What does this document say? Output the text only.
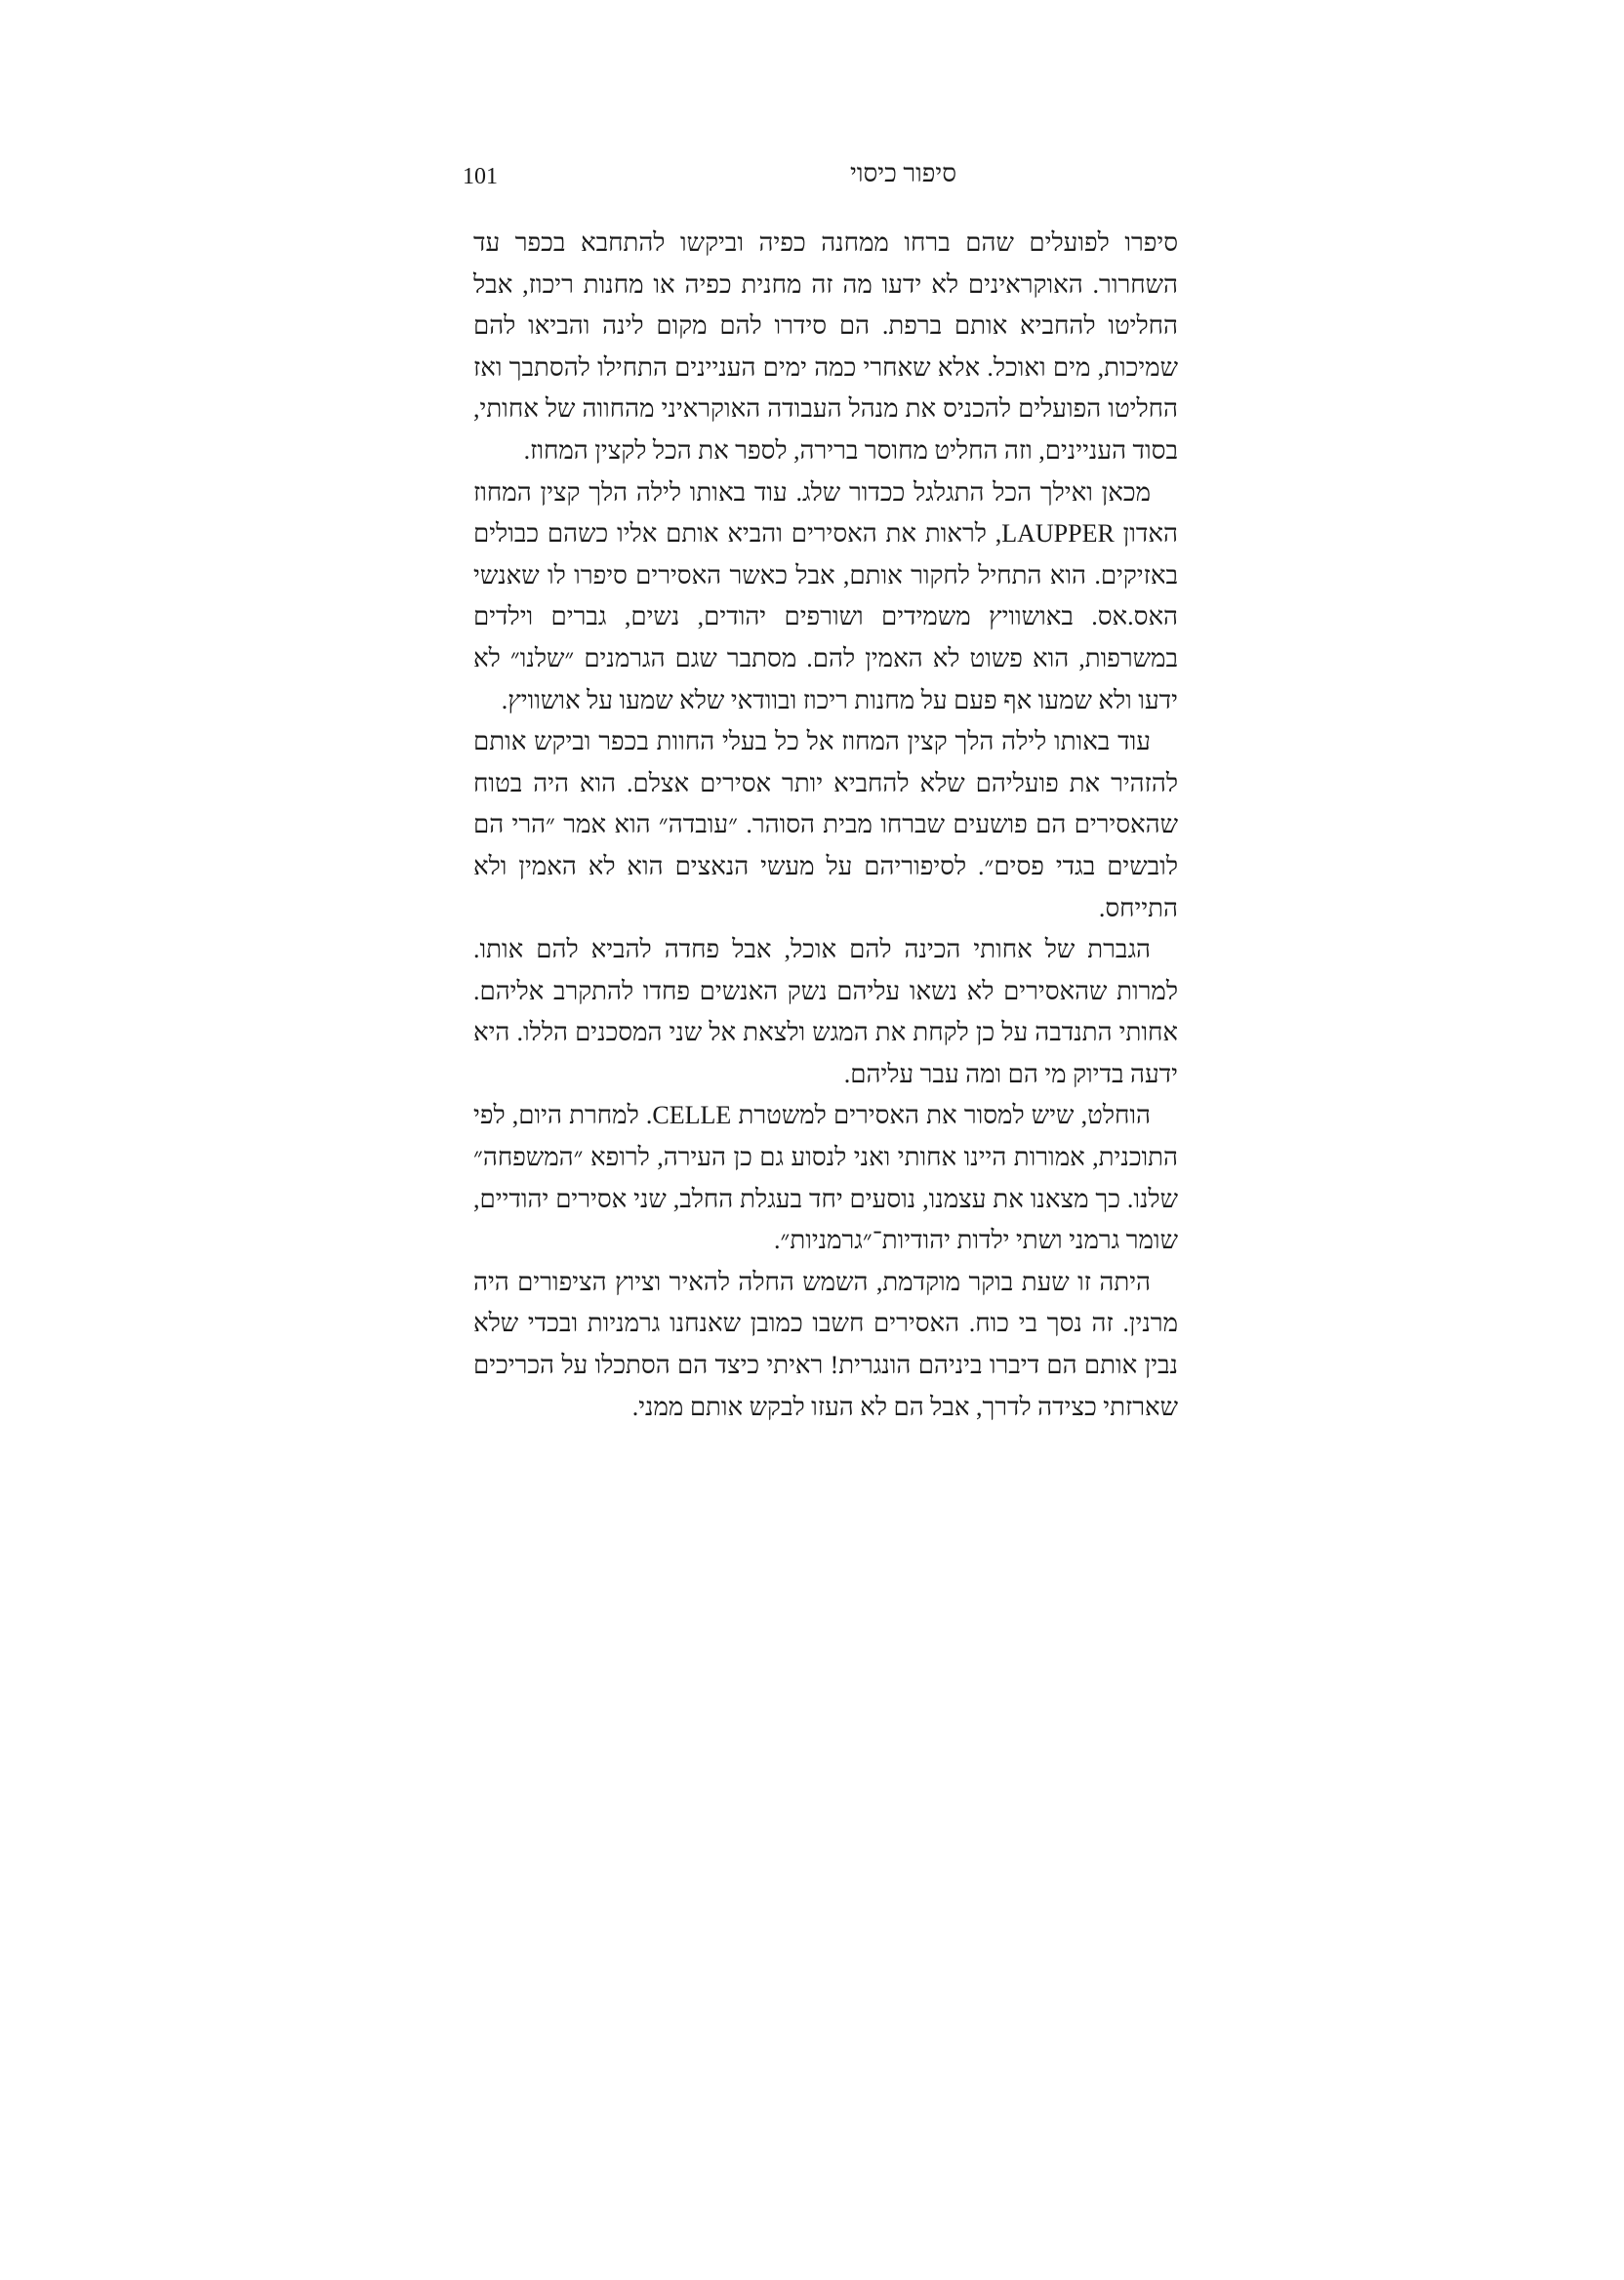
101	סיפור כיסוי

סיפרו לפועלים שהם ברחו ממחנה כפיה וביקשו להתחבא בכפר עד השחרור. האוקראינים לא ידעו מה זה מחנית כפיה או מחנות ריכוז, אבל החליטו להחביא אותם ברפת. הם סידרו להם מקום לינה והביאו להם שמיכות, מים ואוכל. אלא שאחרי כמה ימים העניינים התחילו להסתבך ואז החליטו הפועלים להכניס את מנהל העבודה האוקראיני מהחווה של אחותי, בסוד העניינים, וזה החליט מחוסר ברירה, לספר את הכל לקצין המחוז.

מכאן ואילך הכל התגלגל ככדור שלג. עוד באותו לילה הלך קצין המחוז האדון LAUPPER, לראות את האסירים והביא אותם אליו כשהם כבולים באזיקים. הוא התחיל לחקור אותם, אבל כאשר האסירים סיפרו לו שאנשי האס.אס. באושוויץ משמידים ושורפים יהודים, נשים, גברים וילדים במשרפות, הוא פשוט לא האמין להם. מסתבר שגם הגרמנים ״שלנו״ לא ידעו ולא שמעו אף פעם על מחנות ריכוז ובוודאי שלא שמעו על אושוויץ.

עוד באותו לילה הלך קצין המחוז אל כל בעלי החוות בכפר וביקש אותם להזהיר את פועליהם שלא להחביא יותר אסירים אצלם. הוא היה בטוח שהאסירים הם פושעים שברחו מבית הסוהר. ״עובדה״ הוא אמר ״הרי הם לובשים בגדי פסים״. לסיפוריהם על מעשי הנאצים הוא לא האמין ולא התייחס.

הגברת של אחותי הכינה להם אוכל, אבל פחדה להביא להם אותו. למרות שהאסירים לא נשאו עליהם נשק האנשים פחדו להתקרב אליהם. אחותי התנדבה על כן לקחת את המגש ולצאת אל שני המסכנים הללו. היא ידעה בדיוק מי הם ומה עבר עליהם.

הוחלט, שיש למסור את האסירים למשטרת CELLE. למחרת היום, לפי התוכנית, אמורות היינו אחותי ואני לנסוע גם כן העירה, לרופא ״המשפחה״ שלנו. כך מצאנו את עצמנו, נוסעים יחד בעגלת החלב, שני אסירים יהודיים, שומר גרמני ושתי ילדות יהודיות־״גרמניות״.

היתה זו שעת בוקר מוקדמת, השמש החלה להאיר וציוץ הציפורים היה מרנין. זה נסך בי כוח. האסירים חשבו כמובן שאנחנו גרמניות ובכדי שלא נבין אותם הם דיברו ביניהם הונגרית! ראיתי כיצד הם הסתכלו על הכריכים שארזתי כצידה לדרך, אבל הם לא העזו לבקש אותם ממני.
